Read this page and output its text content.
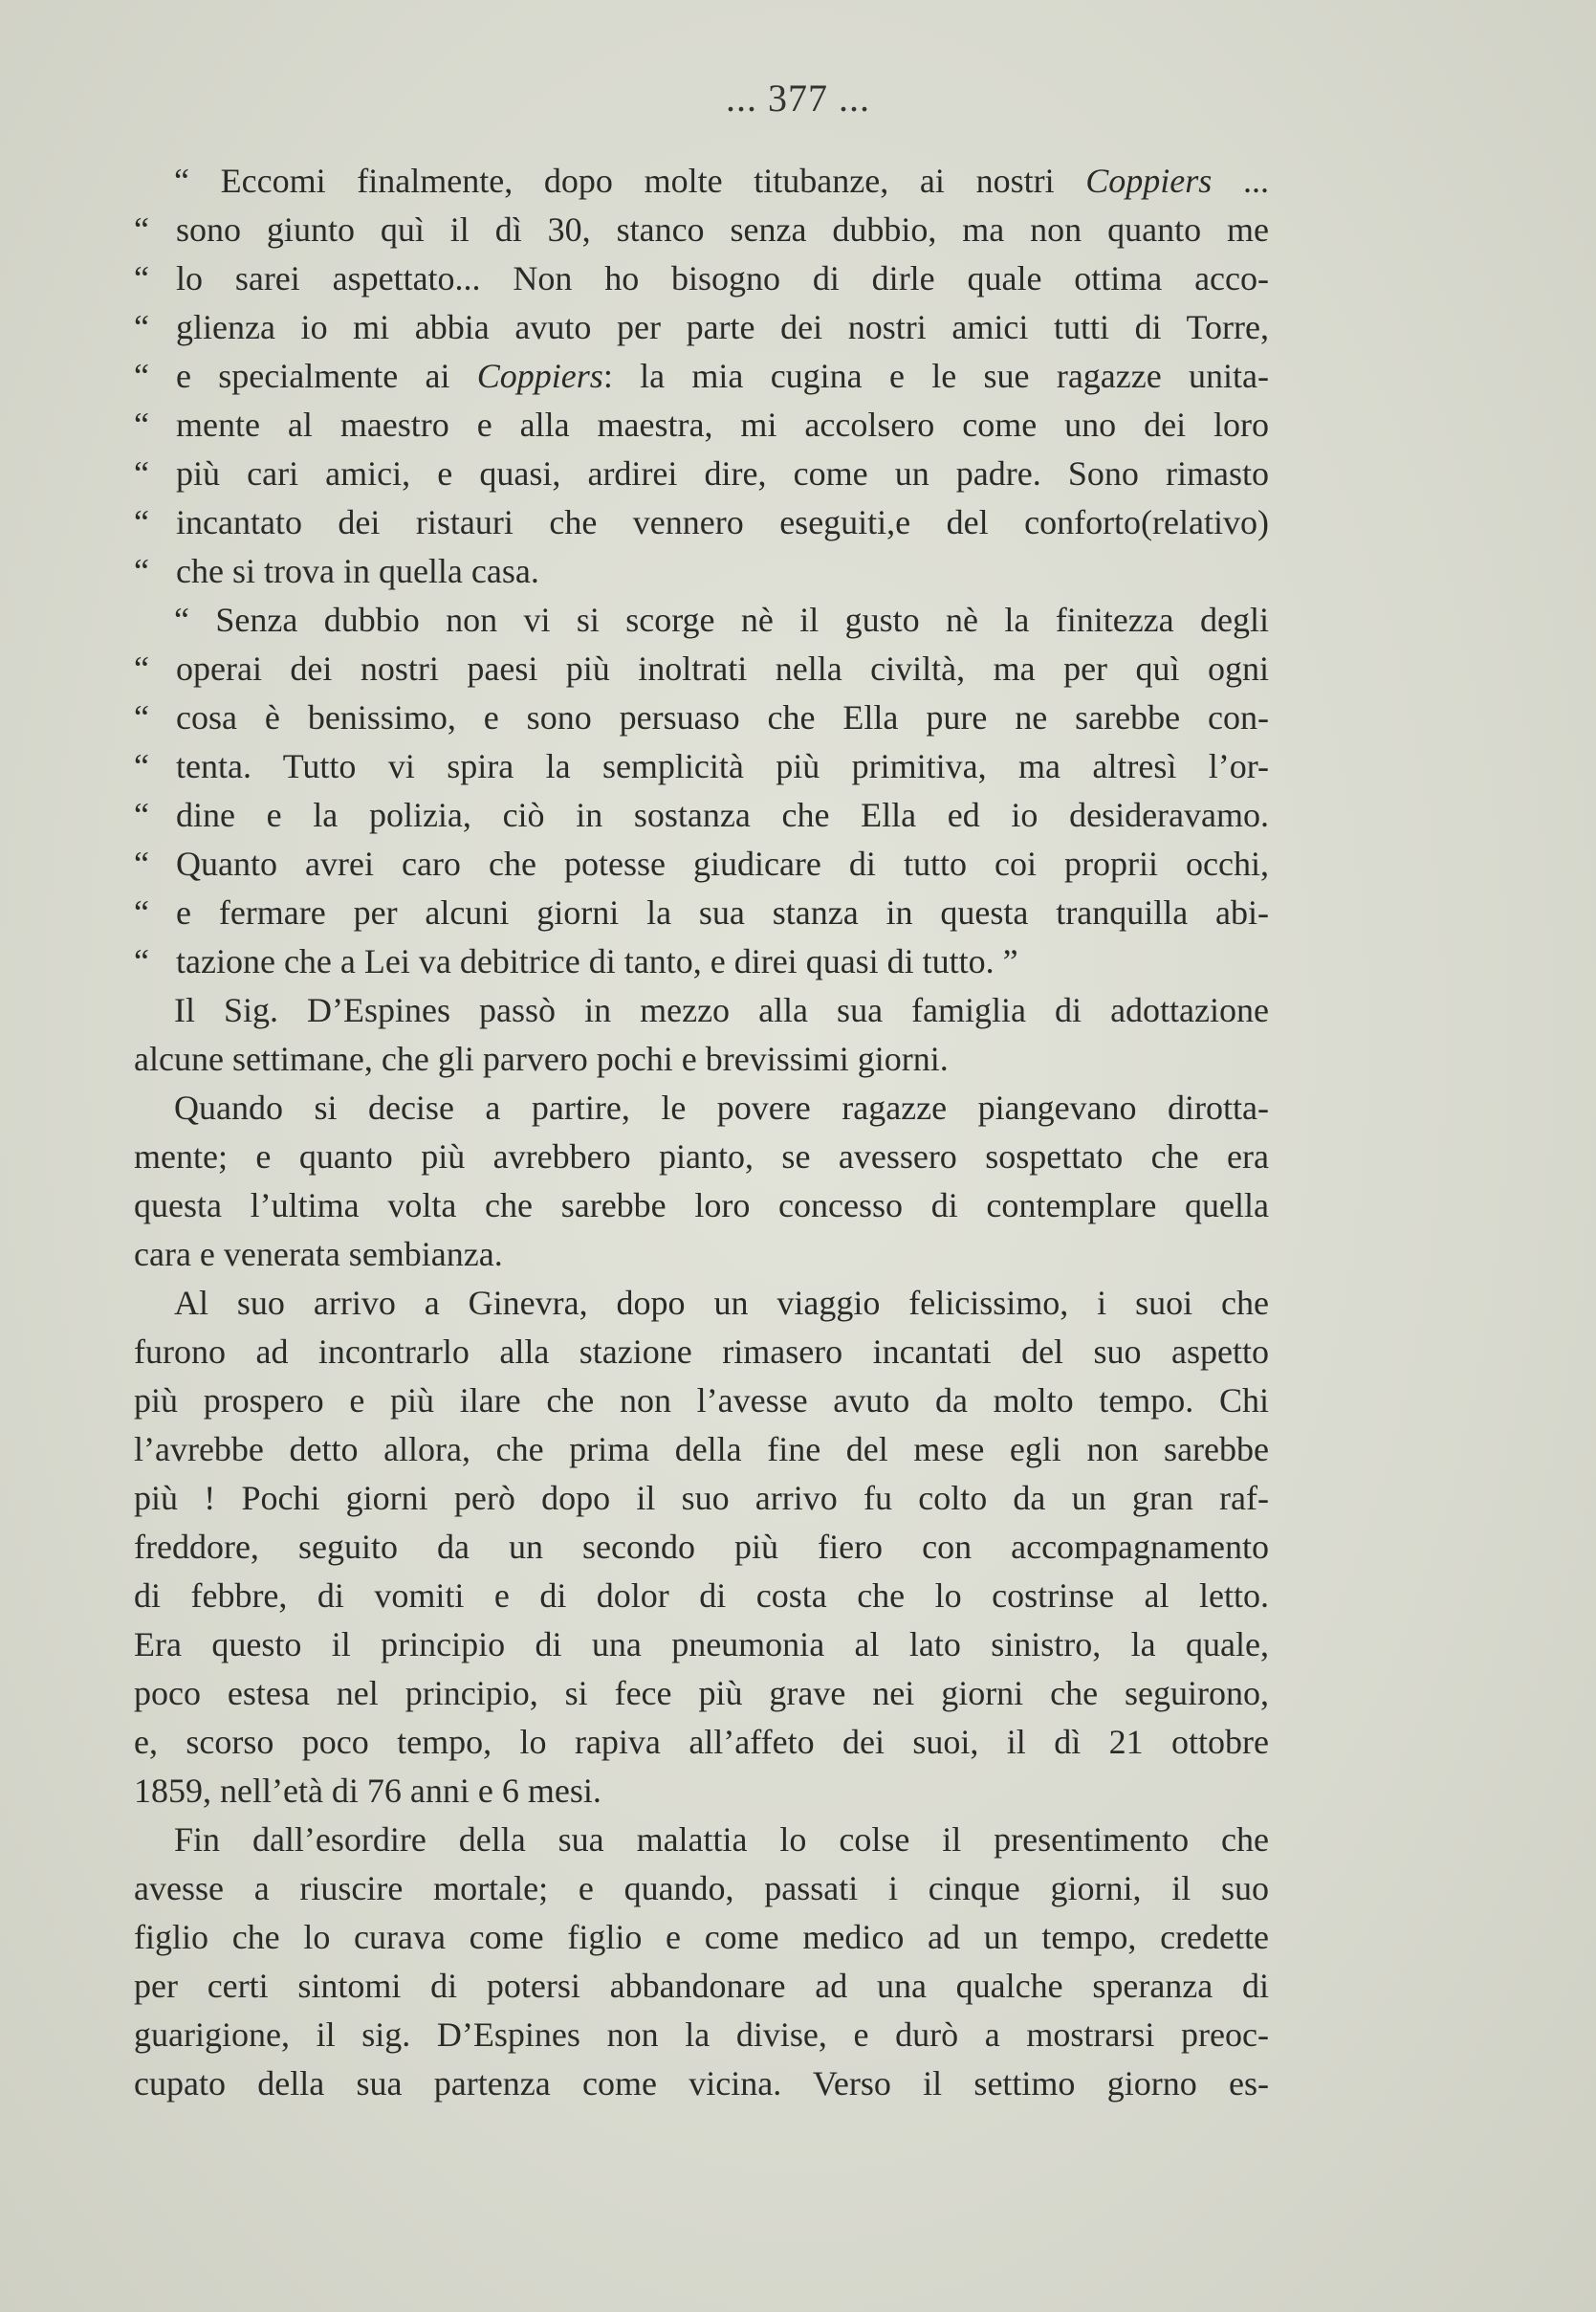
... 377 ...
“ Eccomi finalmente, dopo molte titubanze, ai nostri Coppiers ...
“ sono giunto quì il dì 30, stanco senza dubbio, ma non quanto me
“ lo sarei aspettato... Non ho bisogno di dirle quale ottima acco-
“ glienza io mi abbia avuto per parte dei nostri amici tutti di Torre,
“ e specialmente ai Coppiers: la mia cugina e le sue ragazze unita-
“ mente al maestro e alla maestra, mi accolsero come uno dei loro
“ più cari amici, e quasi, ardirei dire, come un padre. Sono rimasto
“ incantato dei ristauri che vennero eseguiti,e del conforto(relativo)
“ che si trova in quella casa.
“ Senza dubbio non vi si scorge nè il gusto nè la finitezza degli
“ operai dei nostri paesi più inoltrati nella civiltà, ma per quì ogni
“ cosa è benissimo, e sono persuaso che Ella pure ne sarebbe con-
“ tenta. Tutto vi spira la semplicità più primitiva, ma altresì l’or-
“ dine e la polizia, ciò in sostanza che Ella ed io desideravamo.
“ Quanto avrei caro che potesse giudicare di tutto coi proprii occhi,
“ e fermare per alcuni giorni la sua stanza in questa tranquilla abi-
“ tazione che a Lei va debitrice di tanto, e direi quasi di tutto. ”
Il Sig. D’Espines passò in mezzo alla sua famiglia di adottazione
alcune settimane, che gli parvero pochi e brevissimi giorni.
Quando si decise a partire, le povere ragazze piangevano dirotta-
mente; e quanto più avrebbero pianto, se avessero sospettato che era
questa l’ultima volta che sarebbe loro concesso di contemplare quella
cara e venerata sembianza.
Al suo arrivo a Ginevra, dopo un viaggio felicissimo, i suoi che
furono ad incontrarlo alla stazione rimasero incantati del suo aspetto
più prospero e più ilare che non l’avesse avuto da molto tempo. Chi
l’avrebbe detto allora, che prima della fine del mese egli non sarebbe
più ! Pochi giorni però dopo il suo arrivo fu colto da un gran raf-
freddore, seguito da un secondo più fiero con accompagnamento
di febbre, di vomiti e di dolor di costa che lo costrinse al letto.
Era questo il principio di una pneumonia al lato sinistro, la quale,
poco estesa nel principio, si fece più grave nei giorni che seguirono,
e, scorso poco tempo, lo rapiva all’affeto dei suoi, il dì 21 ottobre
1859, nell’età di 76 anni e 6 mesi.
Fin dall’esordire della sua malattia lo colse il presentimento che
avesse a riuscire mortale; e quando, passati i cinque giorni, il suo
figlio che lo curava come figlio e come medico ad un tempo, credette
per certi sintomi di potersi abbandonare ad una qualche speranza di
guarigione, il sig. D’Espines non la divise, e durò a mostrarsi preoc-
cupato della sua partenza come vicina. Verso il settimo giorno es-
